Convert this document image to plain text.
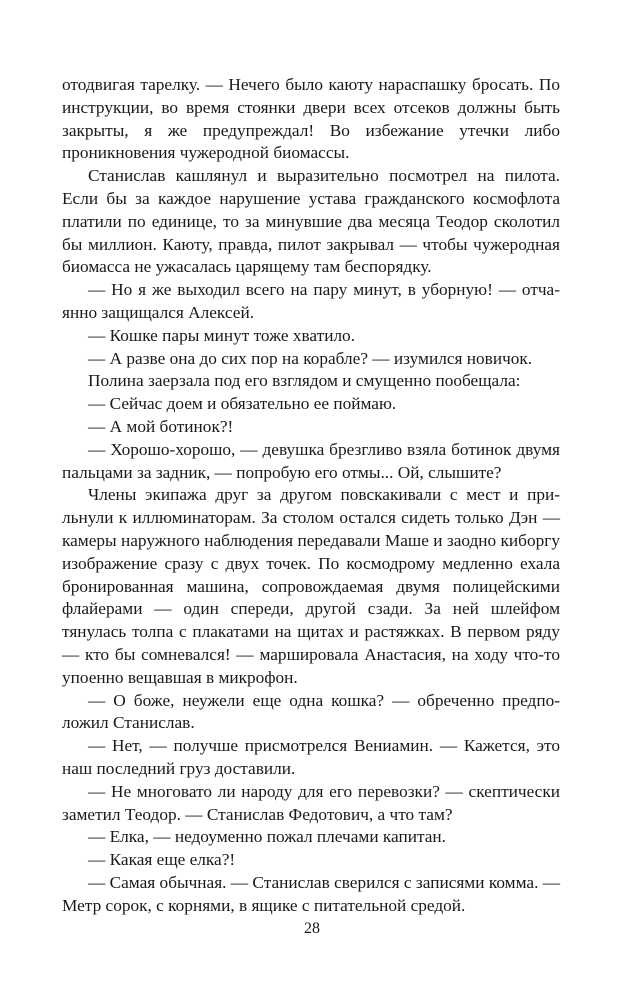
отодвигая тарелку. — Нечего было каюту нараспашку бросать. По инструкции, во время стоянки двери всех отсеков должны быть закрыты, я же предупреждал! Во избежание утечки либо проникновения чужеродной биомассы.

Станислав кашлянул и выразительно посмотрел на пилота. Если бы за каждое нарушение устава гражданского космофлота платили по единице, то за минувшие два месяца Теодор сколотил бы миллион. Каюту, правда, пилот закрывал — чтобы чужеродная биомасса не ужасалась царящему там беспорядку.

— Но я же выходил всего на пару минут, в уборную! — отчаянно защищался Алексей.

— Кошке пары минут тоже хватило.

— А разве она до сих пор на корабле? — изумился новичок.

Полина заерзала под его взглядом и смущенно пообещала:

— Сейчас доем и обязательно ее поймаю.

— А мой ботинок?!

— Хорошо-хорошо, — девушка брезгливо взяла ботинок двумя пальцами за задник, — попробую его отмы... Ой, слышите?

Члены экипажа друг за другом повскакивали с мест и прильнули к иллюминаторам. За столом остался сидеть только Дэн — камеры наружного наблюдения передавали Маше и заодно киборгу изображение сразу с двух точек. По космодрому медленно ехала бронированная машина, сопровождаемая двумя полицейскими флайерами — один спереди, другой сзади. За ней шлейфом тянулась толпа с плакатами на щитах и растяжках. В первом ряду — кто бы сомневался! — маршировала Анастасия, на ходу что-то упоенно вещавшая в микрофон.

— О боже, неужели еще одна кошка? — обреченно предположил Станислав.

— Нет, — получше присмотрелся Вениамин. — Кажется, это наш последний груз доставили.

— Не многовато ли народу для его перевозки? — скептически заметил Теодор. — Станислав Федотович, а что там?

— Елка, — недоуменно пожал плечами капитан.

— Какая еще елка?!

— Самая обычная. — Станислав сверился с записями комма. — Метр сорок, с корнями, в ящике с питательной средой.

28
